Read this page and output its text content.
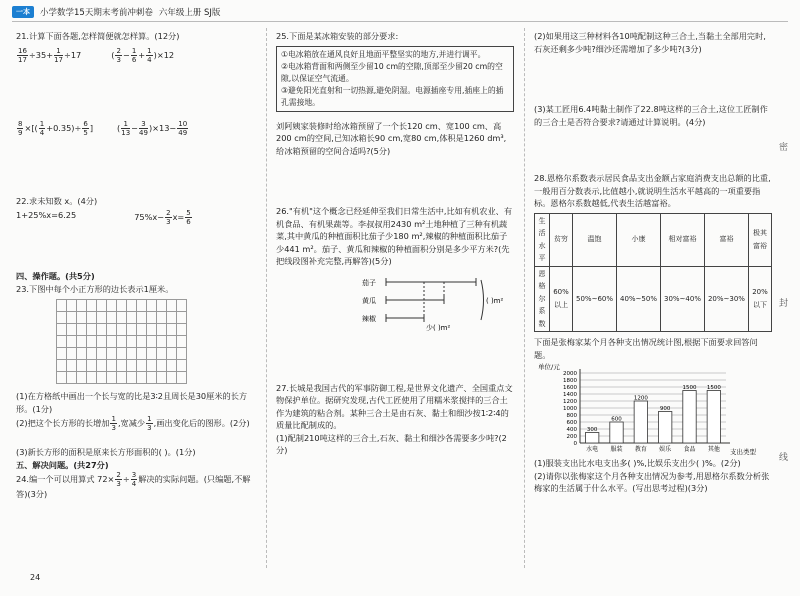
一本	小学数学15天期末考前冲刺卷 六年级上册 SJ版

21.计算下面各题,怎样简便就怎样算。(12分)

$\frac{16}{17} \div 35+ \frac{1}{17} \div 17$	( $\frac{2}{3} - \frac{1}{6} + \frac{1}{4} )\times 12$
$\frac{8}{9}$ ×[( $\frac{1}{4} +0.35)\div \frac{6}{5}$ ]	( $\frac{1}{13} - \frac{3}{49} )\times 13- \frac{10}{49}$

22.求未知数 x。(4分)

1+25%x=6.25	$75\%x- \frac{2}{3} x= \frac{5}{6}$

四、操作题。(共5分)

23.下图中每个小正方形的边长表示1厘米。

(1)在方格纸中画出一个长与宽的比是3∶2且周长是30厘米的长方形。(1分)

(2)把这个长方形的长增加 $\frac{1}{3}$ ,宽减少 $\frac{1}{3}$ ,画出变化后的图形。(2分)

(3)新长方形的面积是原来长方形面积的( )。(1分)

五、解决问题。(共27分)

24.编一个可以用算式 $72\times \frac{2}{3} \div \frac{3}{4}$ 解决的实际问题。(只编题,不解答)(3分)

25.下面是某冰箱安装的部分要求:

①电冰箱放在通风良好且地面平整坚实的地方,并进行调平。
②电冰箱背面和两侧至少留10 cm的空隙,顶部至少留20 cm的空隙,以保证空气流通。
③避免阳光直射和一切热源,避免阴湿。电源插座专用,插座上的插孔需接地。

刘阿姨家装修时给冰箱预留了一个长120 cm、宽100 cm、高200 cm的空间,已知冰箱长90 cm,宽80 cm,体积是1260 dm³,给冰箱预留的空间合适吗?(5分)

26."有机"这个概念已经延伸至我们日常生活中,比如有机农业、有机食品、有机果蔬等。李叔叔用2430 m²土地种植了三种有机蔬菜,其中黄瓜的种植面积比茄子少180 m²,辣椒的种植面积比茄子少441 m²。茄子、黄瓜和辣椒的种植面积分别是多少平方米?(先把线段图补充完整,再解答)(5分)

茄子
黄瓜
辣椒
少( )m²
( )m²

27.长城是我国古代的军事防御工程,是世界文化遗产、全国重点文物保护单位。据研究发现,古代工匠使用了用糯米浆搅拌的三合土作为建筑的粘合剂。某种三合土是由石灰、黏土和细沙按1∶2∶4的质量比配制成的。

(1)配制210吨这样的三合土,石灰、黏土和细沙各需要多少吨?(2分)

(2)如果用这三种材料各10吨配制这种三合土,当黏土全部用完时,石灰还剩多少吨?细沙还需增加了多少吨?(3分)

(3)某工匠用6.4吨黏土制作了22.8吨这样的三合土,这位工匠制作的三合土是否符合要求?请通过计算说明。(4分)

28.恩格尔系数表示居民食品支出金额占家庭消费支出总额的比重,一般用百分数表示,比值越小,就说明生活水平越高的一项重要指标。恩格尔系数越低,代表生活越富裕。

生活水平	贫穷	温饱	小康	相对富裕	富裕	极其富裕
恩格尔系数	60%以上	50%~60%	40%~50%	30%~40%	20%~30%	20%以下

下面是张梅家某个月各种支出情况统计图,根据下面要求回答问题。

单位/元
0
200
400
600
800
1000
1200
1400
1600
1800
2000
300
600
1200
900
1500 1500
水电 服装 教育 娱乐 食品 其他 支出类型

(1)服装支出比水电支出多( )%,比娱乐支出少( )%。(2分)

(2)请你以张梅家这个月各种支出情况为参考,用恩格尔系数分析张梅家的生活属于什么水平。(写出思考过程)(3分)

密
封
线
24
